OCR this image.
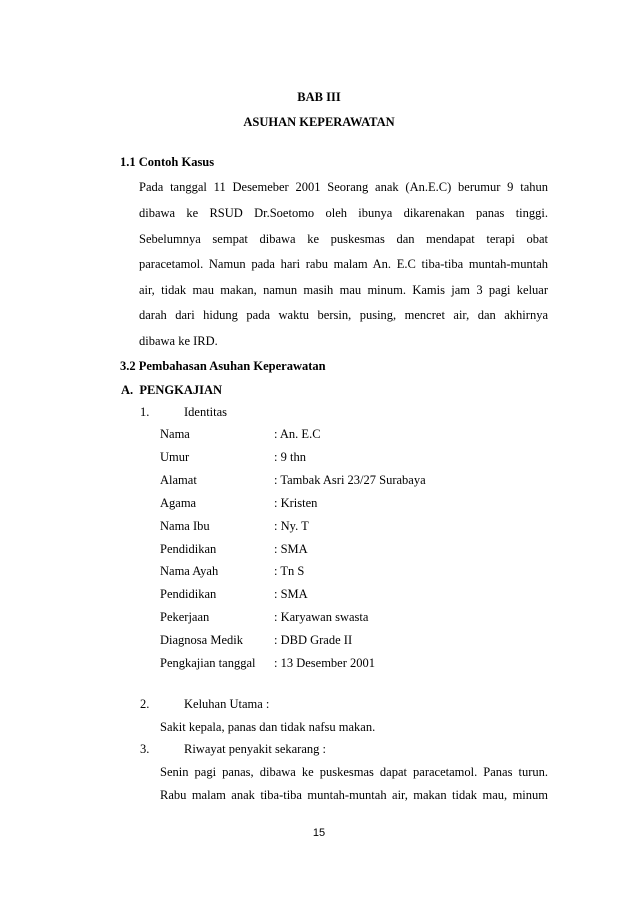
BAB III
ASUHAN KEPERAWATAN
1.1 Contoh Kasus
Pada tanggal 11 Desemeber 2001 Seorang anak (An.E.C) berumur 9 tahun
dibawa ke RSUD Dr.Soetomo oleh ibunya dikarenakan panas tinggi.
Sebelumnya sempat dibawa ke puskesmas dan mendapat terapi obat
paracetamol. Namun pada hari rabu malam An. E.C tiba-tiba muntah-muntah
air, tidak mau makan, namun masih mau minum. Kamis jam 3 pagi keluar
darah dari hidung pada waktu bersin, pusing, mencret air, dan akhirnya
dibawa ke IRD.
3.2 Pembahasan Asuhan Keperawatan
A.  PENGKAJIAN
1.	Identitas
Nama	: An. E.C
Umur	: 9 thn
Alamat	: Tambak Asri 23/27 Surabaya
Agama	: Kristen
Nama Ibu	: Ny. T
Pendidikan	: SMA
Nama Ayah	: Tn S
Pendidikan	: SMA
Pekerjaan	: Karyawan swasta
Diagnosa Medik : DBD Grade II
Pengkajian tanggal : 13 Desember 2001
2.	Keluhan Utama :
Sakit kepala, panas dan tidak nafsu makan.
3.	Riwayat penyakit sekarang :
Senin pagi panas, dibawa ke puskesmas dapat paracetamol. Panas turun.
Rabu malam anak tiba-tiba muntah-muntah air, makan tidak mau, minum
15
